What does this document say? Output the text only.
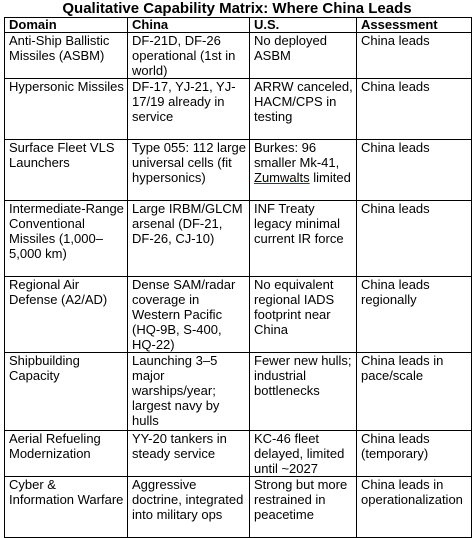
Qualitative Capability Matrix: Where China Leads
Domain	China	U.S.	Assessment
Anti-Ship Ballistic Missiles (ASBM)	DF-21D, DF-26 operational (1st in world)	No deployed ASBM	China leads
Hypersonic Missiles	DF-17, YJ-21, YJ-17/19 already in service	ARRW canceled, HACM/CPS in testing	China leads
Surface Fleet VLS Launchers	Type 055: 112 large universal cells (fit hypersonics)	Burkes: 96 smaller Mk-41, Zumwalts limited	China leads
Intermediate-Range Conventional Missiles (1,000–5,000 km)	Large IRBM/GLCM arsenal (DF-21, DF-26, CJ-10)	INF Treaty legacy minimal current IR force	China leads
Regional Air Defense (A2/AD)	Dense SAM/radar coverage in Western Pacific (HQ-9B, S-400, HQ-22)	No equivalent regional IADS footprint near China	China leads regionally
Shipbuilding Capacity	Launching 3–5 major warships/year; largest navy by hulls	Fewer new hulls; industrial bottlenecks	China leads in pace/scale
Aerial Refueling Modernization	YY-20 tankers in steady service	KC-46 fleet delayed, limited until ~2027	China leads (temporary)
Cyber & Information Warfare	Aggressive doctrine, integrated into military ops	Strong but more restrained in peacetime	China leads in operationalization
